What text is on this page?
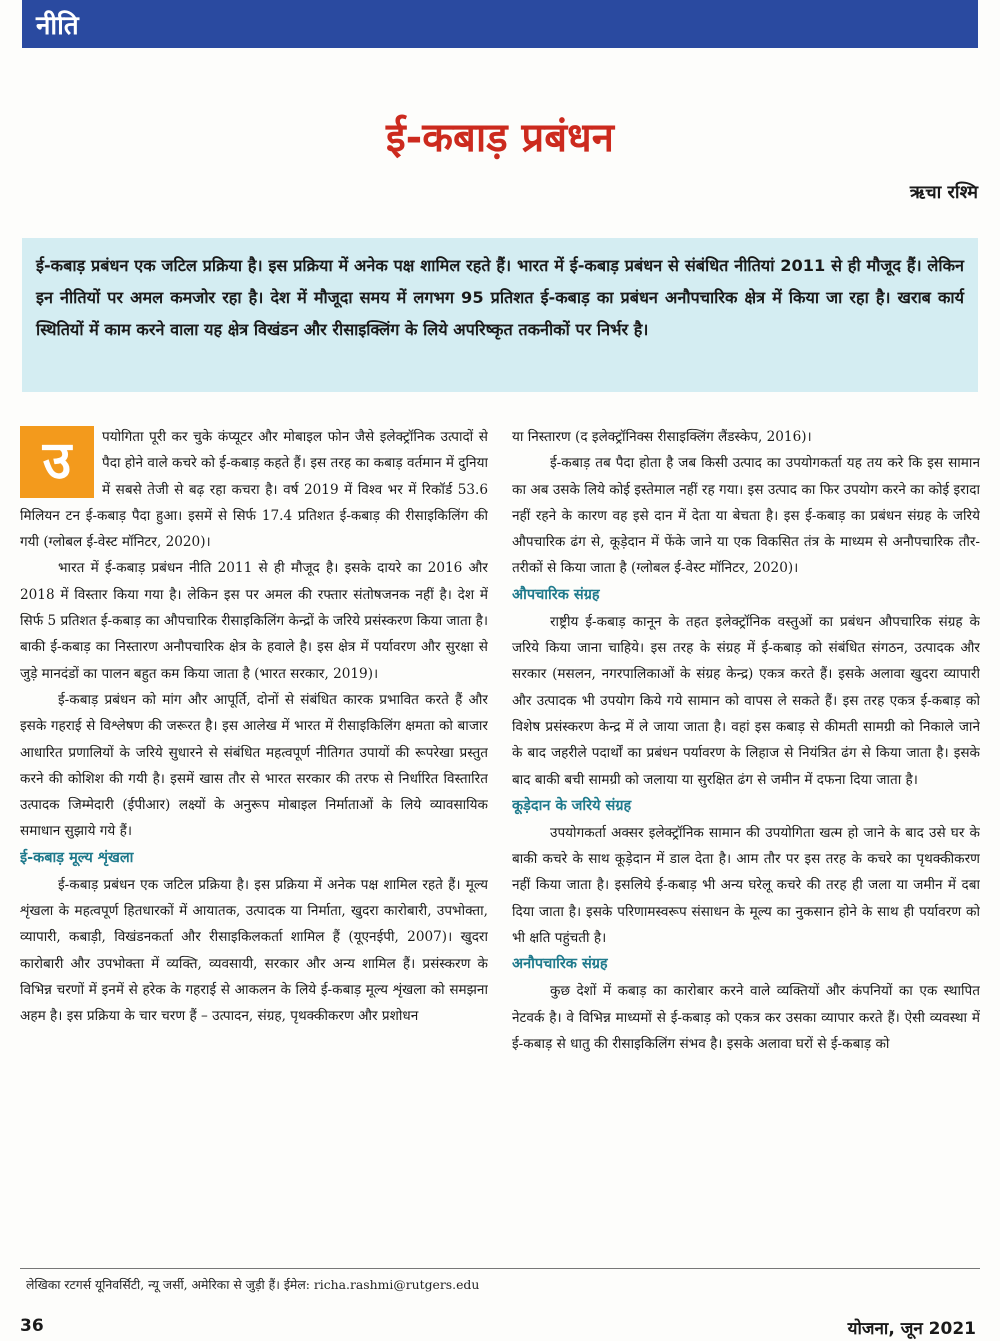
नीति
ई-कबाड़ प्रबंधन
ऋचा रश्मि

ई-कबाड़ प्रबंधन एक जटिल प्रक्रिया है। इस प्रक्रिया में अनेक पक्ष शामिल रहते हैं। भारत में ई-कबाड़ प्रबंधन से संबंधित नीतियां 2011 से ही मौजूद हैं। लेकिन इन नीतियों पर अमल कमजोर रहा है। देश में मौजूदा समय में लगभग 95 प्रतिशत ई-कबाड़ का प्रबंधन अनौपचारिक क्षेत्र में किया जा रहा है। खराब कार्य स्थितियों में काम करने वाला यह क्षेत्र विखंडन और रीसाइक्लिंग के लिये अपरिष्कृत तकनीकों पर निर्भर है।

उ	पयोगिता पूरी कर चुके कंप्यूटर और मोबाइल फोन जैसे इलेक्ट्रॉनिक उत्पादों से पैदा होने वाले कचरे को ई-कबाड़ कहते हैं। इस तरह का कबाड़ वर्तमान में दुनिया में सबसे तेजी से बढ़ रहा कचरा है। वर्ष 2019 में विश्व भर में रिकॉर्ड 53.6 मिलियन टन ई-कबाड़ पैदा हुआ। इसमें से सिर्फ 17.4 प्रतिशत ई-कबाड़ की रीसाइकिलिंग की गयी (ग्लोबल ई-वेस्ट मॉनिटर, 2020)।

भारत में ई-कबाड़ प्रबंधन नीति 2011 से ही मौजूद है। इसके दायरे का 2016 और 2018 में विस्तार किया गया है। लेकिन इस पर अमल की रफ्तार संतोषजनक नहीं है। देश में सिर्फ 5 प्रतिशत ई-कबाड़ का औपचारिक रीसाइकिलिंग केन्द्रों के जरिये प्रसंस्करण किया जाता है। बाकी ई-कबाड़ का निस्तारण अनौपचारिक क्षेत्र के हवाले है। इस क्षेत्र में पर्यावरण और सुरक्षा से जुड़े मानदंडों का पालन बहुत कम किया जाता है (भारत सरकार, 2019)।

ई-कबाड़ प्रबंधन को मांग और आपूर्ति, दोनों से संबंधित कारक प्रभावित करते हैं और इसके गहराई से विश्लेषण की जरूरत है। इस आलेख में भारत में रीसाइकिलिंग क्षमता को बाजार आधारित प्रणालियों के जरिये सुधारने से संबंधित महत्वपूर्ण नीतिगत उपायों की रूपरेखा प्रस्तुत करने की कोशिश की गयी है। इसमें खास तौर से भारत सरकार की तरफ से निर्धारित विस्तारित उत्पादक जिम्मेदारी (ईपीआर) लक्ष्यों के अनुरूप मोबाइल निर्माताओं के लिये व्यावसायिक समाधान सुझाये गये हैं।

ई-कबाड़ मूल्य शृंखला

ई-कबाड़ प्रबंधन एक जटिल प्रक्रिया है। इस प्रक्रिया में अनेक पक्ष शामिल रहते हैं। मूल्य शृंखला के महत्वपूर्ण हितधारकों में आयातक, उत्पादक या निर्माता, खुदरा कारोबारी, उपभोक्ता, व्यापारी, कबाड़ी, विखंडनकर्ता और रीसाइकिलकर्ता शामिल हैं (यूएनईपी, 2007)। खुदरा कारोबारी और उपभोक्ता में व्यक्ति, व्यवसायी, सरकार और अन्य शामिल हैं। प्रसंस्करण के विभिन्न चरणों में इनमें से हरेक के गहराई से आकलन के लिये ई-कबाड़ मूल्य शृंखला को समझना अहम है। इस प्रक्रिया के चार चरण हैं – उत्पादन, संग्रह, पृथक्कीकरण और प्रशोधन

या निस्तारण (द इलेक्ट्रॉनिक्स रीसाइक्लिंग लैंडस्केप, 2016)।

ई-कबाड़ तब पैदा होता है जब किसी उत्पाद का उपयोगकर्ता यह तय करे कि इस सामान का अब उसके लिये कोई इस्तेमाल नहीं रह गया। इस उत्पाद का फिर उपयोग करने का कोई इरादा नहीं रहने के कारण वह इसे दान में देता या बेचता है। इस ई-कबाड़ का प्रबंधन संग्रह के जरिये औपचारिक ढंग से, कूड़ेदान में फेंके जाने या एक विकसित तंत्र के माध्यम से अनौपचारिक तौर-तरीकों से किया जाता है (ग्लोबल ई-वेस्ट मॉनिटर, 2020)।

औपचारिक संग्रह

राष्ट्रीय ई-कबाड़ कानून के तहत इलेक्ट्रॉनिक वस्तुओं का प्रबंधन औपचारिक संग्रह के जरिये किया जाना चाहिये। इस तरह के संग्रह में ई-कबाड़ को संबंधित संगठन, उत्पादक और सरकार (मसलन, नगरपालिकाओं के संग्रह केन्द्र) एकत्र करते हैं। इसके अलावा खुदरा व्यापारी और उत्पादक भी उपयोग किये गये सामान को वापस ले सकते हैं। इस तरह एकत्र ई-कबाड़ को विशेष प्रसंस्करण केन्द्र में ले जाया जाता है। वहां इस कबाड़ से कीमती सामग्री को निकाले जाने के बाद जहरीले पदार्थों का प्रबंधन पर्यावरण के लिहाज से नियंत्रित ढंग से किया जाता है। इसके बाद बाकी बची सामग्री को जलाया या सुरक्षित ढंग से जमीन में दफना दिया जाता है।

कूड़ेदान के जरिये संग्रह

उपयोगकर्ता अक्सर इलेक्ट्रॉनिक सामान की उपयोगिता खत्म हो जाने के बाद उसे घर के बाकी कचरे के साथ कूड़ेदान में डाल देता है। आम तौर पर इस तरह के कचरे का पृथक्कीकरण नहीं किया जाता है। इसलिये ई-कबाड़ भी अन्य घरेलू कचरे की तरह ही जला या जमीन में दबा दिया जाता है। इसके परिणामस्वरूप संसाधन के मूल्य का नुकसान होने के साथ ही पर्यावरण को भी क्षति पहुंचती है।

अनौपचारिक संग्रह

कुछ देशों में कबाड़ का कारोबार करने वाले व्यक्तियों और कंपनियों का एक स्थापित नेटवर्क है। वे विभिन्न माध्यमों से ई-कबाड़ को एकत्र कर उसका व्यापार करते हैं। ऐसी व्यवस्था में ई-कबाड़ से धातु की रीसाइकिलिंग संभव है। इसके अलावा घरों से ई-कबाड़ को

लेखिका रटगर्स यूनिवर्सिटी, न्यू जर्सी, अमेरिका से जुड़ी हैं। ईमेल: richa.rashmi@rutgers.edu
36	योजना, जून 2021
